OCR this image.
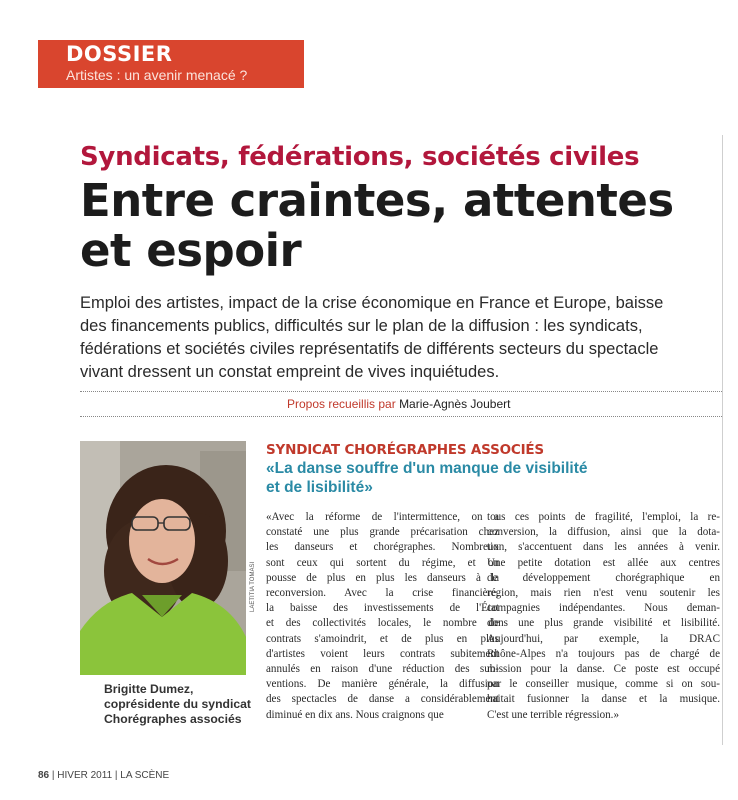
DOSSIER
Artistes : un avenir menacé ?
Syndicats, fédérations, sociétés civiles
Entre craintes, attentes
et espoir
Emploi des artistes, impact de la crise économique en France et Europe, baisse
des financements publics, difficultés sur le plan de la diffusion : les syndicats,
fédérations et sociétés civiles représentatifs de différents secteurs du spectacle
vivant dressent un constat empreint de vives inquiétudes.
Propos recueillis par Marie-Agnès Joubert
LAETITIA TOMASI
Brigitte Dumez,
coprésidente du syndicat
Chorégraphes associés
SYNDICAT CHORÉGRAPHES ASSOCIÉS
«La danse souffre d'un manque de visibilité
et de lisibilité»
«Avec la réforme de l'intermittence, on a
constaté une plus grande précarisation chez
les danseurs et chorégraphes. Nombreux
sont ceux qui sortent du régime, et on
pousse de plus en plus les danseurs à la
reconversion. Avec la crise financière,
la baisse des investissements de l'État
et des collectivités locales, le nombre de
contrats s'amoindrit, et de plus en plus
d'artistes voient leurs contrats subitement
annulés en raison d'une réduction des sub-
ventions. De manière générale, la diffusion
des spectacles de danse a considérablement
diminué en dix ans. Nous craignons que
tous ces points de fragilité, l'emploi, la re-
conversion, la diffusion, ainsi que la dota-
tion, s'accentuent dans les années à venir.
Une petite dotation est allée aux centres
de développement chorégraphique en
région, mais rien n'est venu soutenir les
compagnies indépendantes. Nous deman-
dons une plus grande visibilité et lisibilité.
Aujourd'hui, par exemple, la DRAC
Rhône-Alpes n'a toujours pas de chargé de
mission pour la danse. Ce poste est occupé
par le conseiller musique, comme si on sou-
haitait fusionner la danse et la musique.
C'est une terrible régression.»
86 | HIVER 2011 | LA SCÈNE
